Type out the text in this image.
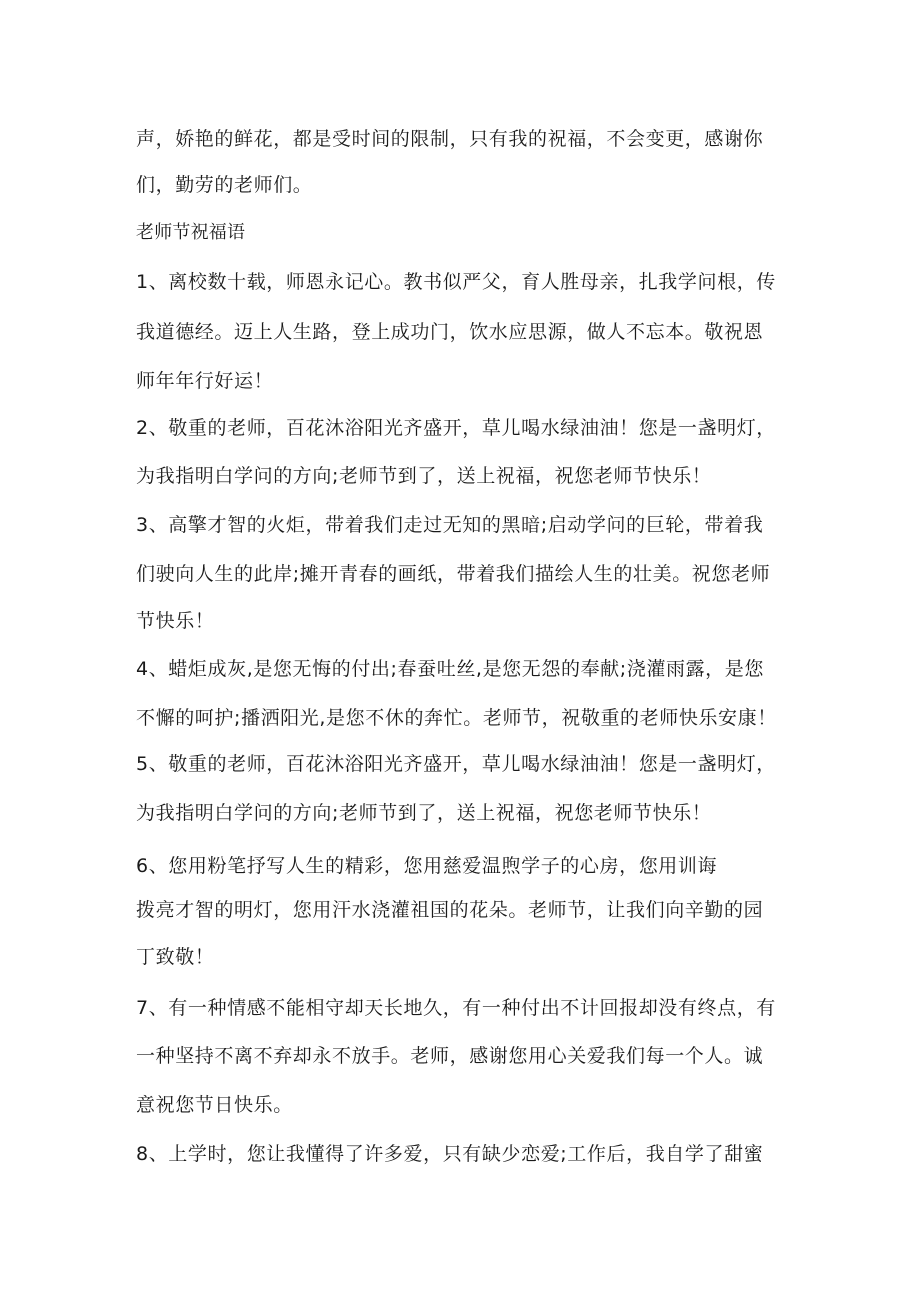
声，娇艳的鲜花，都是受时间的限制，只有我的祝福，不会变更，感谢你
们，勤劳的老师们。
老师节祝福语
1、离校数十载，师恩永记心。教书似严父，育人胜母亲，扎我学问根，传
我道德经。迈上人生路，登上成功门，饮水应思源，做人不忘本。敬祝恩
师年年行好运！
2、敬重的老师，百花沐浴阳光齐盛开，草儿喝水绿油油！您是一盏明灯，
为我指明白学问的方向;老师节到了，送上祝福，祝您老师节快乐！
3、高擎才智的火炬，带着我们走过无知的黑暗;启动学问的巨轮，带着我
们驶向人生的此岸;摊开青春的画纸，带着我们描绘人生的壮美。祝您老师
节快乐！
4、蜡炬成灰,是您无悔的付出;春蚕吐丝,是您无怨的奉献;浇灌雨露，是您
不懈的呵护;播洒阳光,是您不休的奔忙。老师节，祝敬重的老师快乐安康！
5、敬重的老师，百花沐浴阳光齐盛开，草儿喝水绿油油！您是一盏明灯，
为我指明白学问的方向;老师节到了，送上祝福，祝您老师节快乐！
6、您用粉笔抒写人生的精彩，您用慈爱温煦学子的心房，您用训诲
拨亮才智的明灯，您用汗水浇灌祖国的花朵。老师节，让我们向辛勤的园
丁致敬！
7、有一种情感不能相守却天长地久，有一种付出不计回报却没有终点，有
一种坚持不离不弃却永不放手。老师，感谢您用心关爱我们每一个人。诚
意祝您节日快乐。
8、上学时，您让我懂得了许多爱，只有缺少恋爱;工作后，我自学了甜蜜
